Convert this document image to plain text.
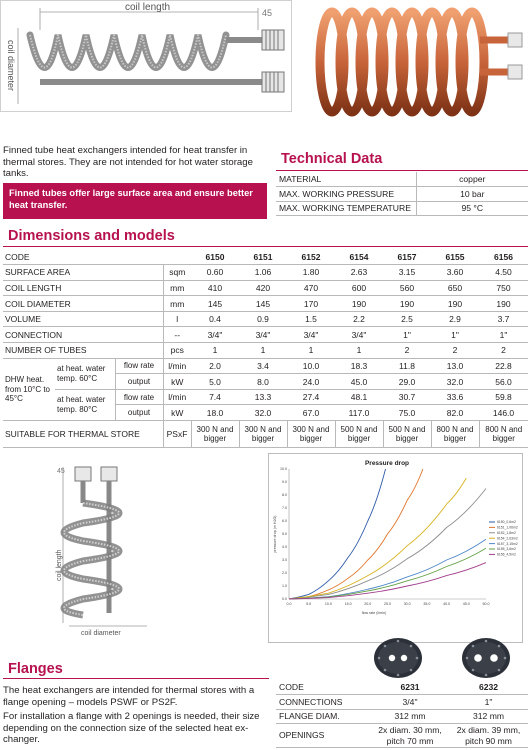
coil length	45
coil diameter

Finned tube heat exchangers intended for heat transfer in thermal stores. They are not intended for hot water storage tanks.

Finned tubes offer large surface area and ensure better heat transfer.
Technical Data
MATERIAL	copper
MAX. WORKING PRESSURE	10 bar
MAX. WORKING TEMPERATURE	95 °C
Dimensions and models
CODE				6150	6151	6152	6154	6157	6155	6156
SURFACE AREA			sqm	0.60	1.06	1.80	2.63	3.15	3.60	4.50
COIL LENGTH			mm	410	420	470	600	560	650	750
COIL DIAMETER			mm	145	145	170	190	190	190	190
VOLUME			l	0.4	0.9	1.5	2.2	2.5	2.9	3.7
CONNECTION			--	3/4"	3/4"	3/4"	3/4"	1"	1"	1"
NUMBER OF TUBES			pcs	1	1	1	1	2	2	2
DHW heat. from 10°C to 45°C	at heat. water temp. 60°C	flow rate	l/min	2.0	3.4	10.0	18.3	11.8	13.0	22.8
		output	kW	5.0	8.0	24.0	45.0	29.0	32.0	56.0
	at heat. water temp. 80°C	flow rate	l/min	7.4	13.3	27.4	48.1	30.7	33.6	59.8
		output	kW	18.0	32.0	67.0	117.0	75.0	82.0	146.0
SUITABLE FOR THERMAL STORE			PSxF	300 N and bigger	300 N and bigger	300 N and bigger	500 N and bigger	500 N and bigger	800 N and bigger	800 N and bigger
45
coil length
coil diameter
Pressure drop
0.0	5.0	10.0	15.0	20.0	25.0	30.0	35.0	40.0	45.0	50.0
0.0
1.0
2.0
3.0
4.0
5.0
6.0
7.0
8.0
9.0
10.0
6150_0,6m2
6151_1,06m2
6152_1,8m2
6154_2,63m2
6157_3,15m2
6155_3,6m2
6156_4,5m2
flow rate (l/min)
pressure drop (m H2O)
Flanges

The heat exchangers are intended for thermal stores with a flange opening – models PSWF or PS2F.

For installation a flange with 2 openings is needed, their size depending on the connection size of the selected heat ex-changer.

CODE	6231	6232
CONNECTIONS	3/4"	1"
FLANGE DIAM.	312 mm	312 mm
OPENINGS	2x diam. 30 mm, pitch 70 mm	2x diam. 39 mm, pitch 90 mm
